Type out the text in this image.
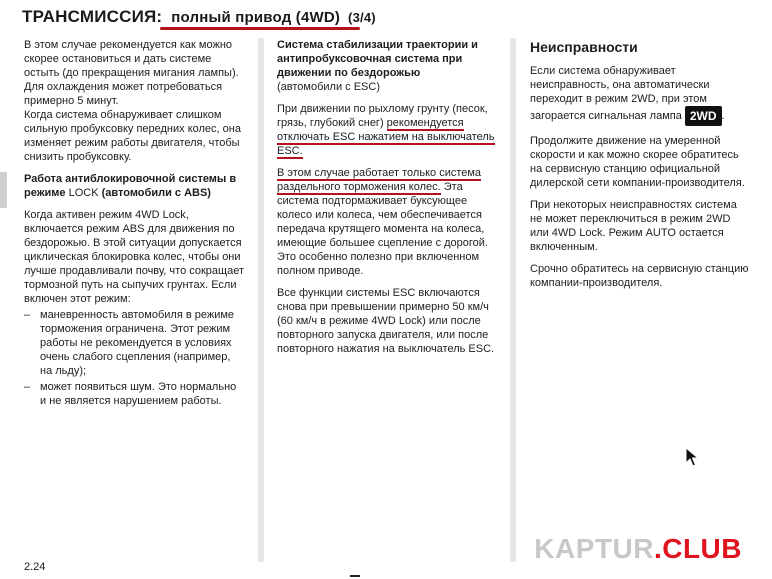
ТРАНСМИССИЯ: полный привод (4WD) (3/4)

В этом случае рекомендуется как можно скорее остановиться и дать системе остыть (до прекращения мигания лампы). Для охлаждения может потребоваться примерно 5 минут.
Когда система обнаруживает слишком сильную пробуксовку передних колес, она изменяет режим работы двигателя, чтобы снизить пробуксовку.

Работа антиблокировочной системы в режиме LOCK (автомобили с ABS)

Когда активен режим 4WD Lock, включается режим ABS для движения по бездорожью. В этой ситуации допускается циклическая блокировка колес, чтобы они лучше продавливали почву, что сокращает тормозной путь на сыпучих грунтах. Если включен этот режим:

– маневренность автомобиля в режиме торможения ограничена. Этот режим работы не рекомендуется в условиях очень слабого сцепления (например, на льду);
– может появиться шум. Это нормально и не является нарушением работы.

Система стабилизации траектории и антипробуксовочная система при движении по бездорожью
(автомобили с ESC)

При движении по рыхлому грунту (песок, грязь, глубокий снег) рекомендуется отключать ESC нажатием на выключатель ESC.

В этом случае работает только система раздельного торможения колес. Эта система подтормаживает буксующее колесо или колеса, чем обеспечивается передача крутящего момента на колеса, имеющие большее сцепление с дорогой. Это особенно полезно при включенном полном приводе.

Все функции системы ESC включаются снова при превышении примерно 50 км/ч (60 км/ч в режиме 4WD Lock) или после повторного запуска двигателя, или после повторного нажатия на выключатель ESC.

Неисправности

Если система обнаруживает неисправность, она автоматически переходит в режим 2WD, при этом загорается сигнальная лампа 2WD .

Продолжите движение на умеренной скорости и как можно скорее обратитесь на сервисную станцию официальной дилерской сети компании-производителя.

При некоторых неисправностях система не может переключиться в режим 2WD или 4WD Lock. Режим AUTO остается включенным.

Срочно обратитесь на сервисную станцию компании-производителя.

2.24
KAPTUR.CLUB
